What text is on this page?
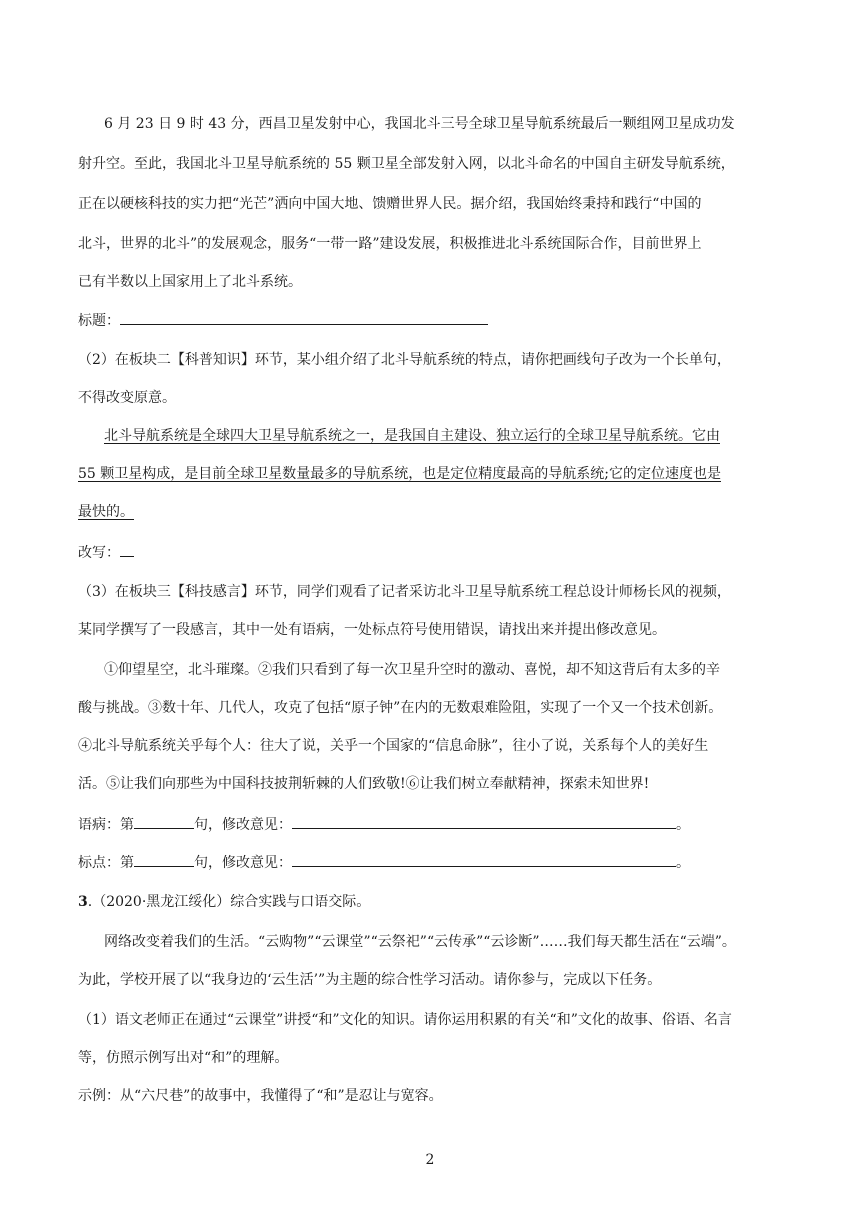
6 月 23 日 9 时 43 分，西昌卫星发射中心，我国北斗三号全球卫星导航系统最后一颗组网卫星成功发

射升空。至此，我国北斗卫星导航系统的 55 颗卫星全部发射入网，以北斗命名的中国自主研发导航系统，

正在以硬核科技的实力把“光芒”洒向中国大地、馈赠世界人民。据介绍，我国始终秉持和践行“中国的

北斗，世界的北斗”的发展观念，服务“一带一路”建设发展，积极推进北斗系统国际合作，目前世界上

已有半数以上国家用上了北斗系统。

标题：

（2）在板块二【科普知识】环节，某小组介绍了北斗导航系统的特点，请你把画线句子改为一个长单句，

不得改变原意。

北斗导航系统是全球四大卫星导航系统之一，是我国自主建设、独立运行的全球卫星导航系统。它由

55 颗卫星构成，是目前全球卫星数量最多的导航系统，也是定位精度最高的导航系统;它的定位速度也是

最快的。

改写：

（3）在板块三【科技感言】环节，同学们观看了记者采访北斗卫星导航系统工程总设计师杨长风的视频，

某同学撰写了一段感言，其中一处有语病，一处标点符号使用错误，请找出来并提出修改意见。

①仰望星空，北斗璀璨。②我们只看到了每一次卫星升空时的激动、喜悦，却不知这背后有太多的辛

酸与挑战。③数十年、几代人，攻克了包括“原子钟”在内的无数艰难险阻，实现了一个又一个技术创新。

④北斗导航系统关乎每个人：往大了说，关乎一个国家的“信息命脉”，往小了说，关系每个人的美好生

活。⑤让我们向那些为中国科技披荆斩棘的人们致敬!⑥让我们树立奉献精神，探索未知世界!

语病：第	句，修改意见：	。

标点：第	句，修改意见：	。

3.（2020·黑龙江绥化）综合实践与口语交际。

网络改变着我们的生活。“云购物”“云课堂”“云祭祀”“云传承”“云诊断”……我们每天都生活在“云端”。

为此，学校开展了以“我身边的‘云生活’”为主题的综合性学习活动。请你参与，完成以下任务。

（1）语文老师正在通过“云课堂”讲授“和”文化的知识。请你运用积累的有关“和”文化的故事、俗语、名言

等，仿照示例写出对“和”的理解。

示例：从“六尺巷”的故事中，我懂得了“和”是忍让与宽容。

2
